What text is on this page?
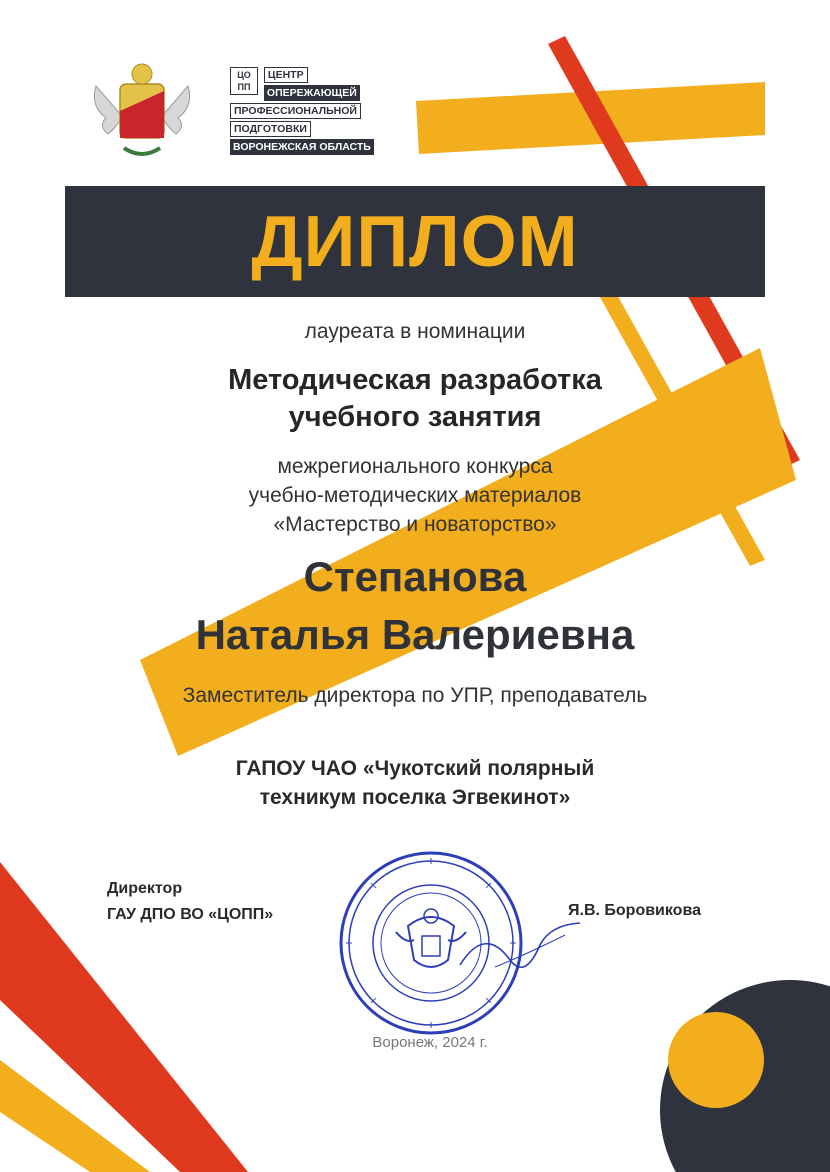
ЦОПП

ЦЕНТР
ОПЕРЕЖАЮЩЕЙ
ПРОФЕССИОНАЛЬНОЙ
ПОДГОТОВКИ
ВОРОНЕЖСКАЯ ОБЛАСТЬ
ДИПЛОМ
лауреата в номинации
Методическая разработка
учебного занятия
межрегионального конкурса
учебно-методических материалов
«Мастерство и новаторство»
Степанова
Наталья Валериевна
Заместитель директора по УПР, преподаватель
ГАПОУ ЧАО «Чукотский полярный
техникум поселка Эгвекинот»
Директор
ГАУ ДПО ВО «ЦОПП»
Воронеж, 2024 г.
Я.В. Боровикова
